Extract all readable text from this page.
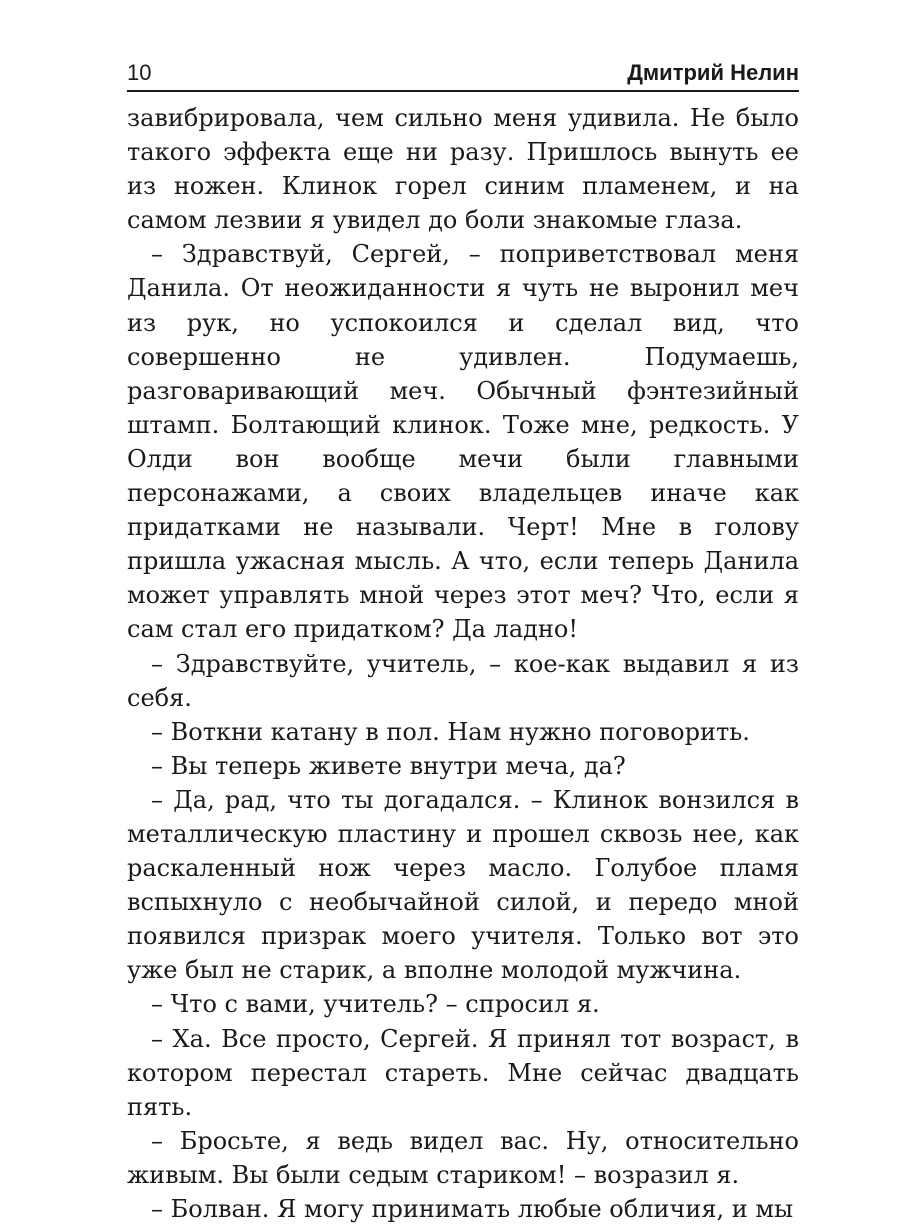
10	Дмитрий Нелин

завибрировала, чем сильно меня удивила. Не было такого эффекта еще ни разу. Пришлось вынуть ее из ножен. Клинок горел синим пламенем, и на самом лезвии я увидел до боли знакомые глаза.

– Здравствуй, Сергей, – поприветствовал меня Данила. От неожиданности я чуть не выронил меч из рук, но успокоился и сделал вид, что совершенно не удивлен. Подумаешь, разговаривающий меч. Обычный фэнтезийный штамп. Болтающий клинок. Тоже мне, редкость. У Олди вон вообще мечи были главными персонажами, а своих владельцев иначе как придатками не называли. Черт! Мне в голову пришла ужасная мысль. А что, если теперь Данила может управлять мной через этот меч? Что, если я сам стал его придатком? Да ладно!

– Здравствуйте, учитель, – кое-как выдавил я из себя.

– Воткни катану в пол. Нам нужно поговорить.

– Вы теперь живете внутри меча, да?

– Да, рад, что ты догадался. – Клинок вонзился в металлическую пластину и прошел сквозь нее, как раскаленный нож через масло. Голубое пламя вспыхнуло с необычайной силой, и передо мной появился призрак моего учителя. Только вот это уже был не старик, а вполне молодой мужчина.

– Что с вами, учитель? – спросил я.

– Ха. Все просто, Сергей. Я принял тот возраст, в котором перестал стареть. Мне сейчас двадцать пять.

– Бросьте, я ведь видел вас. Ну, относительно живым. Вы были седым стариком! – возразил я.

– Болван. Я могу принимать любые обличия, и мы
